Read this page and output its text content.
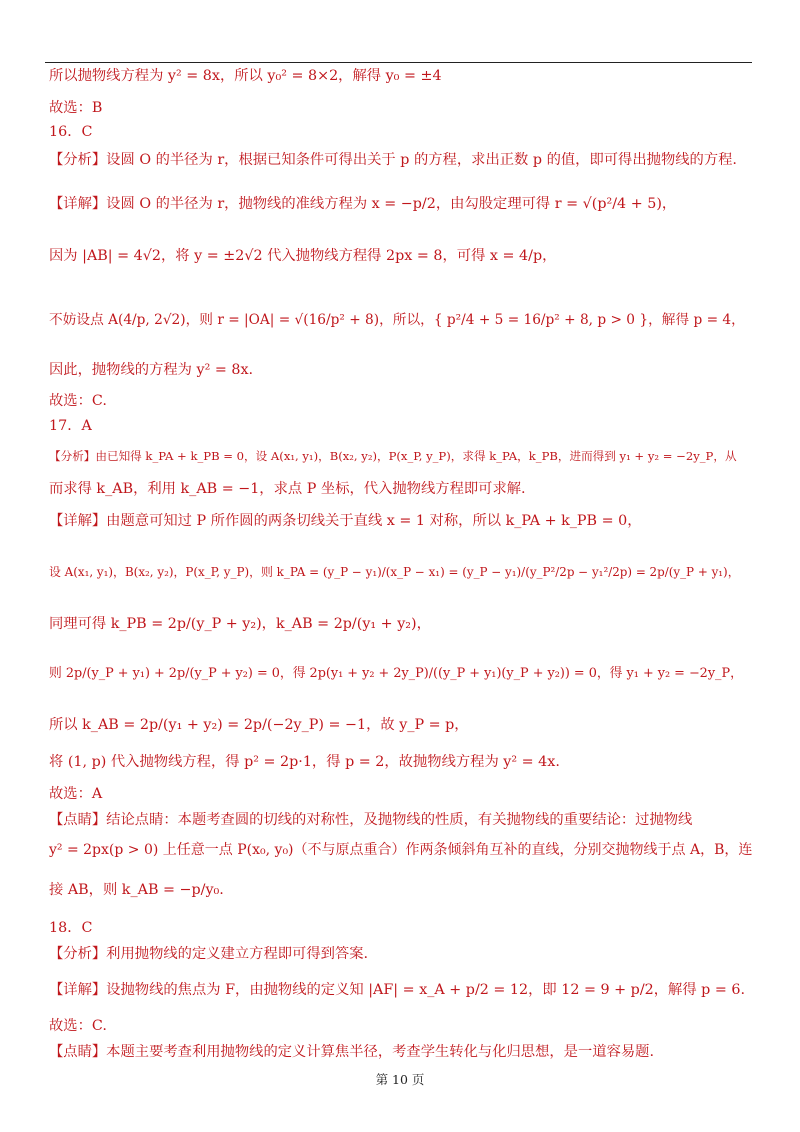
所以抛物线方程为 y² = 8x，所以 y₀² = 8×2，解得 y₀ = ±4
故选：B
16．C
【分析】设圆 O 的半径为 r，根据已知条件可得出关于 p 的方程，求出正数 p 的值，即可得出抛物线的方程.
【详解】设圆 O 的半径为 r，抛物线的准线方程为 x = −p/2，由勾股定理可得 r = √(p²/4 + 5)，
因为 |AB| = 4√2，将 y = ±2√2 代入抛物线方程得 2px = 8，可得 x = 4/p，
不妨设点 A(4/p, 2√2)，则 r = |OA| = √(16/p² + 8)，所以，{ p²/4 + 5 = 16/p² + 8, p > 0 }，解得 p = 4，
因此，抛物线的方程为 y² = 8x.
故选：C.
17．A
【分析】由已知得 k_PA + k_PB = 0，设 A(x₁, y₁)，B(x₂, y₂)，P(x_P, y_P)，求得 k_PA，k_PB，进而得到 y₁ + y₂ = −2y_P，从
而求得 k_AB，利用 k_AB = −1，求点 P 坐标，代入抛物线方程即可求解.
【详解】由题意可知过 P 所作圆的两条切线关于直线 x = 1 对称，所以 k_PA + k_PB = 0，
设 A(x₁, y₁)，B(x₂, y₂)，P(x_P, y_P)，则 k_PA = (y_P − y₁)/(x_P − x₁) = (y_P − y₁)/(y_P²/2p − y₁²/2p) = 2p/(y_P + y₁)，
同理可得 k_PB = 2p/(y_P + y₂)，k_AB = 2p/(y₁ + y₂)，
则 2p/(y_P + y₁) + 2p/(y_P + y₂) = 0，得 2p(y₁ + y₂ + 2y_P)/((y_P + y₁)(y_P + y₂)) = 0，得 y₁ + y₂ = −2y_P，
所以 k_AB = 2p/(y₁ + y₂) = 2p/(−2y_P) = −1，故 y_P = p，
将 (1, p) 代入抛物线方程，得 p² = 2p·1，得 p = 2，故抛物线方程为 y² = 4x.
故选：A
【点睛】结论点睛：本题考查圆的切线的对称性，及抛物线的性质，有关抛物线的重要结论：过抛物线
y² = 2px(p > 0) 上任意一点 P(x₀, y₀)（不与原点重合）作两条倾斜角互补的直线，分别交抛物线于点 A，B，连
接 AB，则 k_AB = −p/y₀.
18．C
【分析】利用抛物线的定义建立方程即可得到答案.
【详解】设抛物线的焦点为 F，由抛物线的定义知 |AF| = x_A + p/2 = 12，即 12 = 9 + p/2，解得 p = 6.
故选：C.
【点睛】本题主要考查利用抛物线的定义计算焦半径，考查学生转化与化归思想，是一道容易题.
第 10 页
